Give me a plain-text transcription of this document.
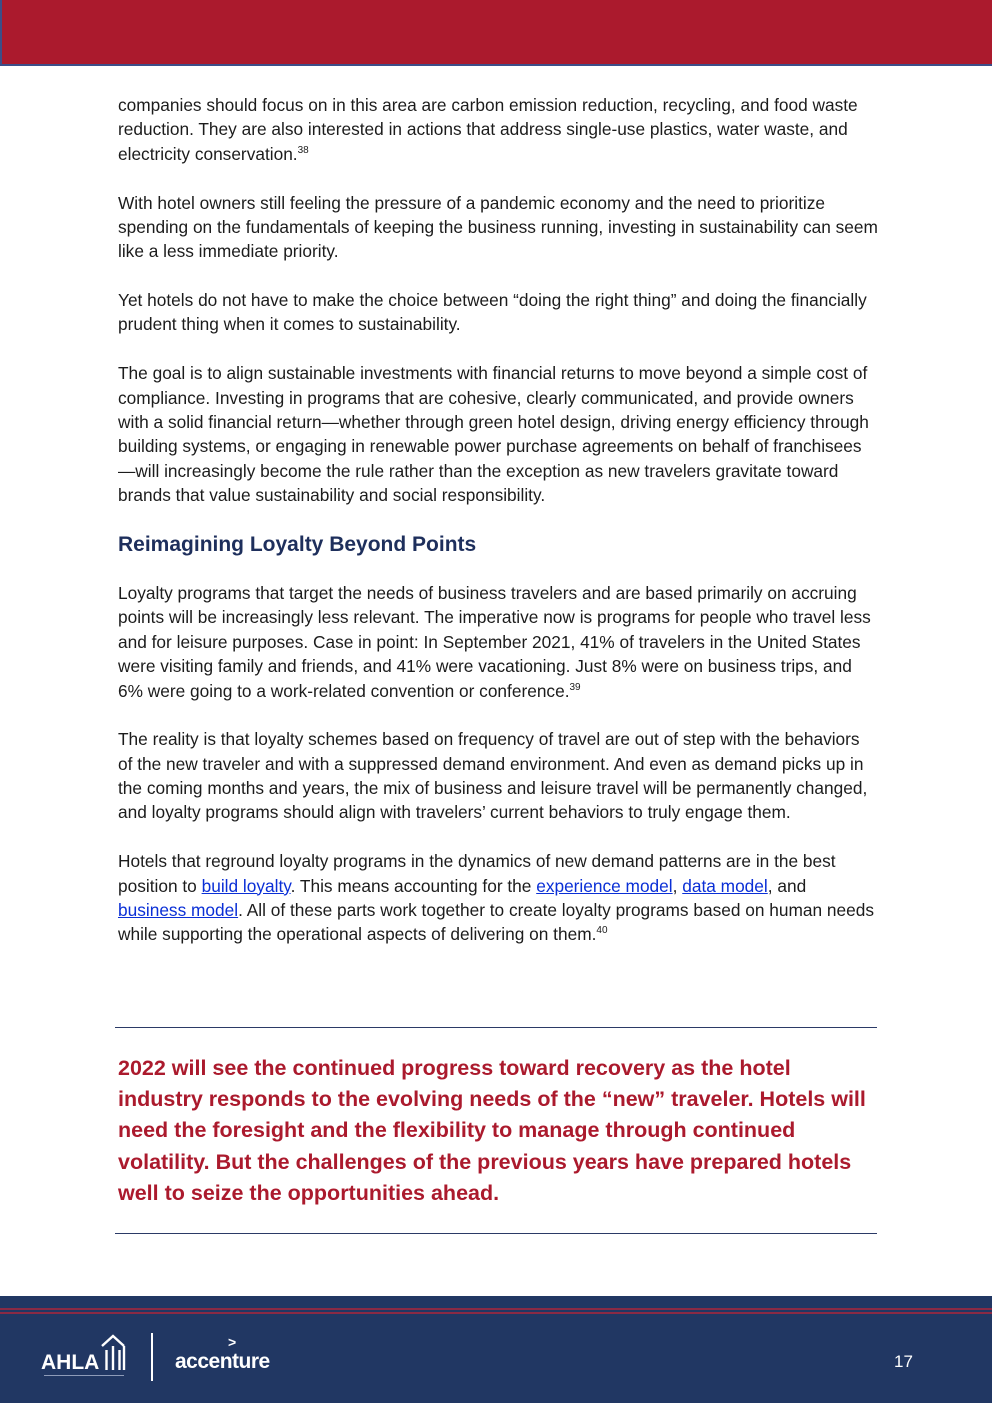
companies should focus on in this area are carbon emission reduction, recycling, and food waste reduction. They are also interested in actions that address single-use plastics, water waste, and electricity conservation.$^{38}$

With hotel owners still feeling the pressure of a pandemic economy and the need to prioritize spending on the fundamentals of keeping the business running, investing in sustainability can seem like a less immediate priority.

Yet hotels do not have to make the choice between “doing the right thing” and doing the financially prudent thing when it comes to sustainability.

The goal is to align sustainable investments with financial returns to move beyond a simple cost of compliance. Investing in programs that are cohesive, clearly communicated, and provide owners with a solid financial return—whether through green hotel design, driving energy efficiency through building systems, or engaging in renewable power purchase agreements on behalf of franchisees—will increasingly become the rule rather than the exception as new travelers gravitate toward brands that value sustainability and social responsibility.

Reimagining Loyalty Beyond Points

Loyalty programs that target the needs of business travelers and are based primarily on accruing points will be increasingly less relevant. The imperative now is programs for people who travel less and for leisure purposes. Case in point: In September 2021, 41% of travelers in the United States were visiting family and friends, and 41% were vacationing. Just 8% were on business trips, and 6% were going to a work-related convention or conference.$^{39}$

The reality is that loyalty schemes based on frequency of travel are out of step with the behaviors of the new traveler and with a suppressed demand environment. And even as demand picks up in the coming months and years, the mix of business and leisure travel will be permanently changed, and loyalty programs should align with travelers’ current behaviors to truly engage them.

Hotels that reground loyalty programs in the dynamics of new demand patterns are in the best position to build loyalty. This means accounting for the experience model, data model, and business model. All of these parts work together to create loyalty programs based on human needs while supporting the operational aspects of delivering on them.$^{40}$

2022 will see the continued progress toward recovery as the hotel industry responds to the evolving needs of the “new” traveler. Hotels will need the foresight and the flexibility to manage through continued volatility. But the challenges of the previous years have prepared hotels well to seize the opportunities ahead.

AHLA
>
accenture	17
